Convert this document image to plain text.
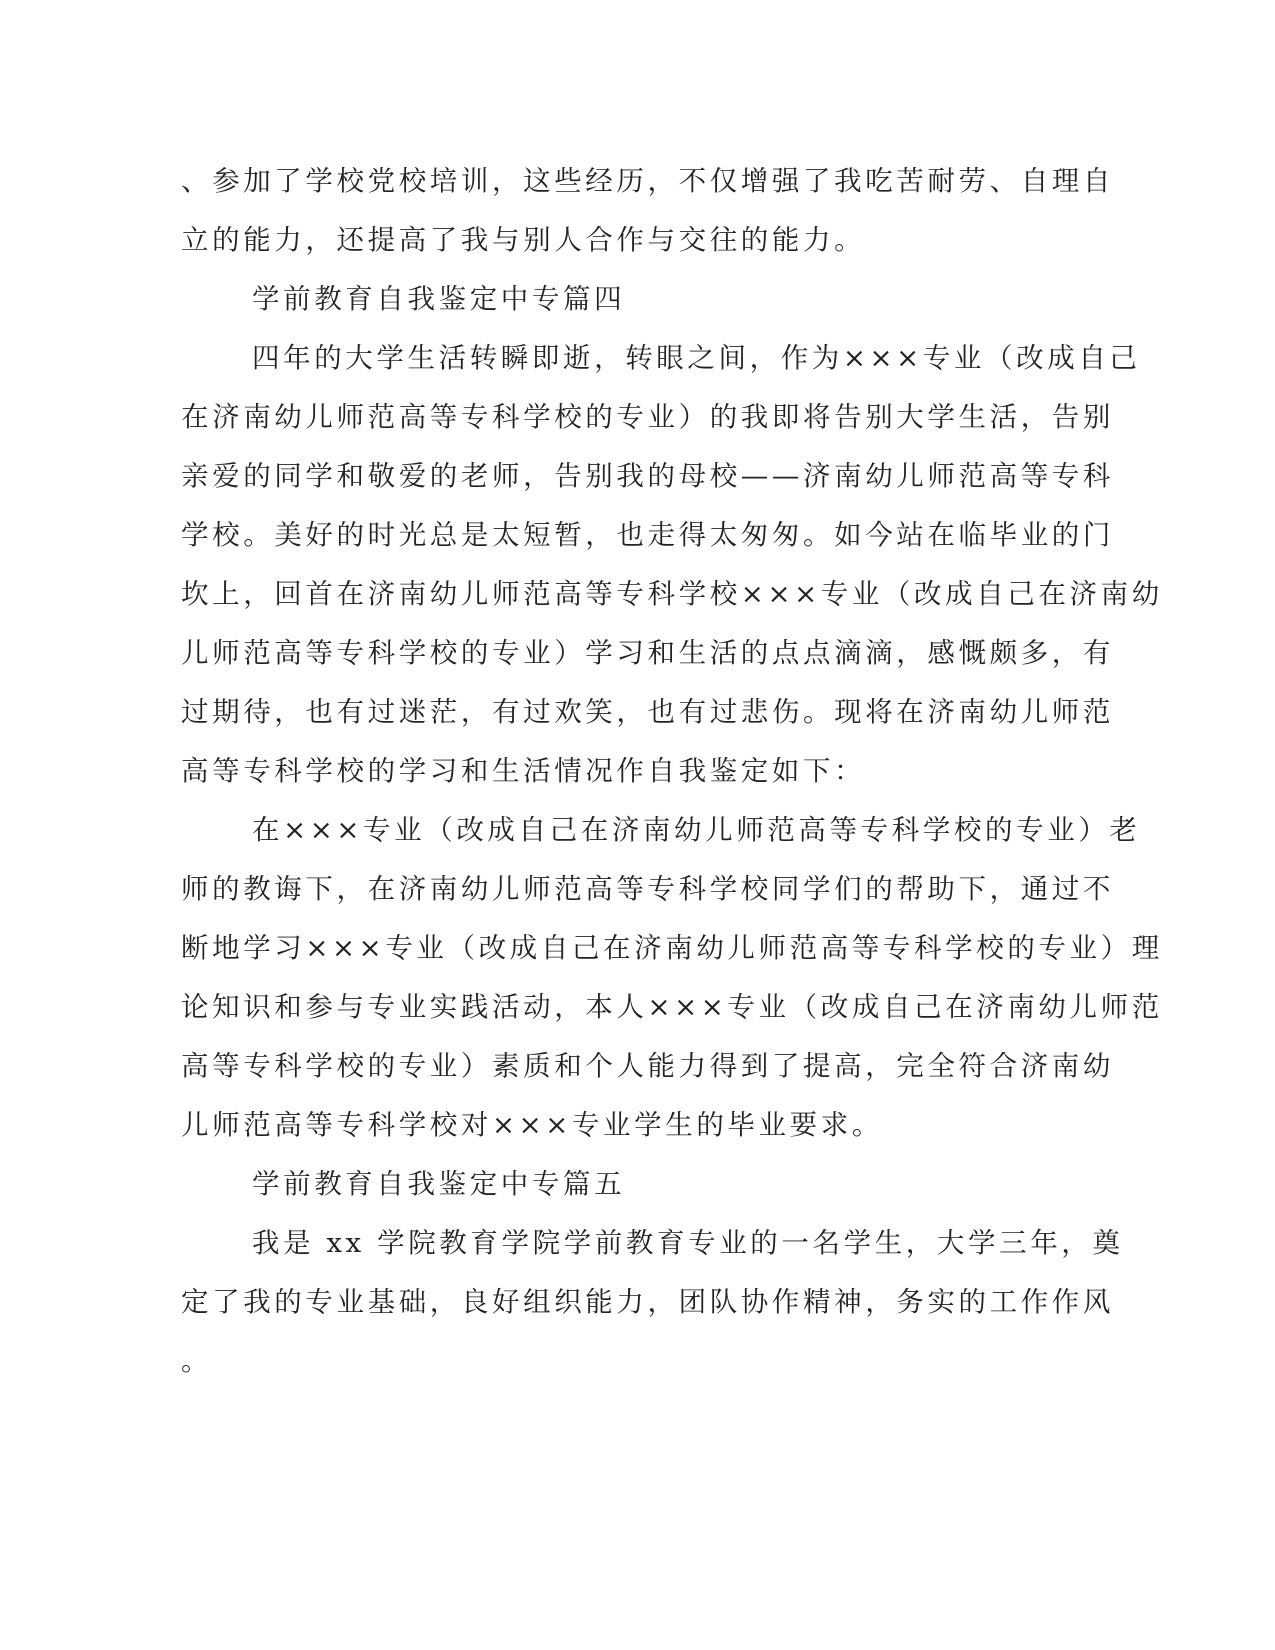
、参加了学校党校培训，这些经历，不仅增强了我吃苦耐劳、自理自
立的能力，还提高了我与别人合作与交往的能力。
学前教育自我鉴定中专篇四
四年的大学生活转瞬即逝，转眼之间，作为×××专业（改成自己
在济南幼儿师范高等专科学校的专业）的我即将告别大学生活，告别
亲爱的同学和敬爱的老师，告别我的母校——济南幼儿师范高等专科
学校。美好的时光总是太短暂，也走得太匆匆。如今站在临毕业的门
坎上，回首在济南幼儿师范高等专科学校×××专业（改成自己在济南幼
儿师范高等专科学校的专业）学习和生活的点点滴滴，感慨颇多，有
过期待，也有过迷茫，有过欢笑，也有过悲伤。现将在济南幼儿师范
高等专科学校的学习和生活情况作自我鉴定如下：
在×××专业（改成自己在济南幼儿师范高等专科学校的专业）老
师的教诲下，在济南幼儿师范高等专科学校同学们的帮助下，通过不
断地学习×××专业（改成自己在济南幼儿师范高等专科学校的专业）理
论知识和参与专业实践活动，本人×××专业（改成自己在济南幼儿师范
高等专科学校的专业）素质和个人能力得到了提高，完全符合济南幼
儿师范高等专科学校对×××专业学生的毕业要求。
学前教育自我鉴定中专篇五
我是 xx 学院教育学院学前教育专业的一名学生，大学三年，奠
定了我的专业基础，良好组织能力，团队协作精神，务实的工作作风
。
